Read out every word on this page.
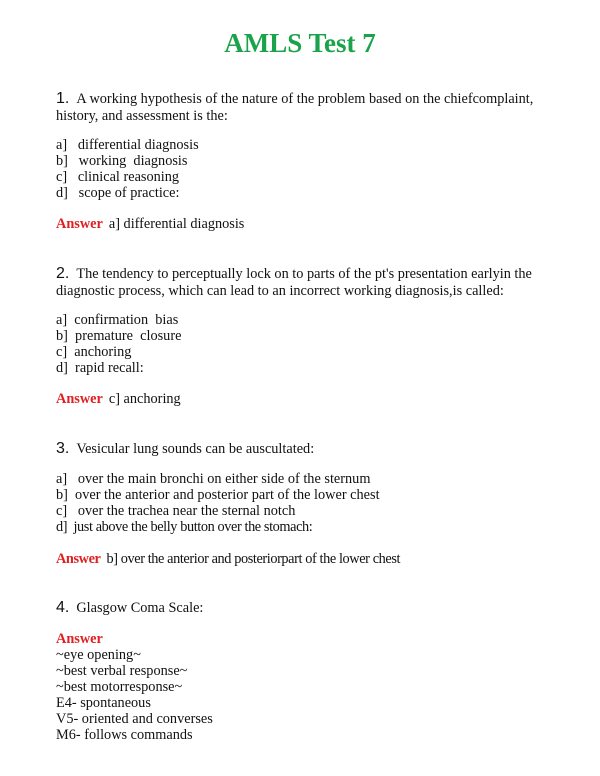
AMLS Test 7

1. A working hypothesis of the nature of the problem based on the chiefcomplaint, history, and assessment is the:

a]   differential diagnosis
b]   working  diagnosis
c]   clinical reasoning
d]   scope of practice:

Answer a] differential diagnosis

2. The tendency to perceptually lock on to parts of the pt's presentation earlyin the diagnostic process, which can lead to an incorrect working diagnosis,is called:

a]  confirmation  bias
b]  premature  closure
c]  anchoring
d]  rapid recall:

Answer c] anchoring

3. Vesicular lung sounds can be auscultated:

a]   over the main bronchi on either side of the sternum
b]  over the anterior and posterior part of the lower chest
c]   over the trachea near the sternal notch
d]  just above the belly button over the stomach:

Answer b] over the anterior and posteriorpart of the lower chest

4. Glasgow Coma Scale:

Answer
~eye opening~
~best verbal response~
~best motorresponse~
E4- spontaneous
V5- oriented and converses
M6- follows commands
